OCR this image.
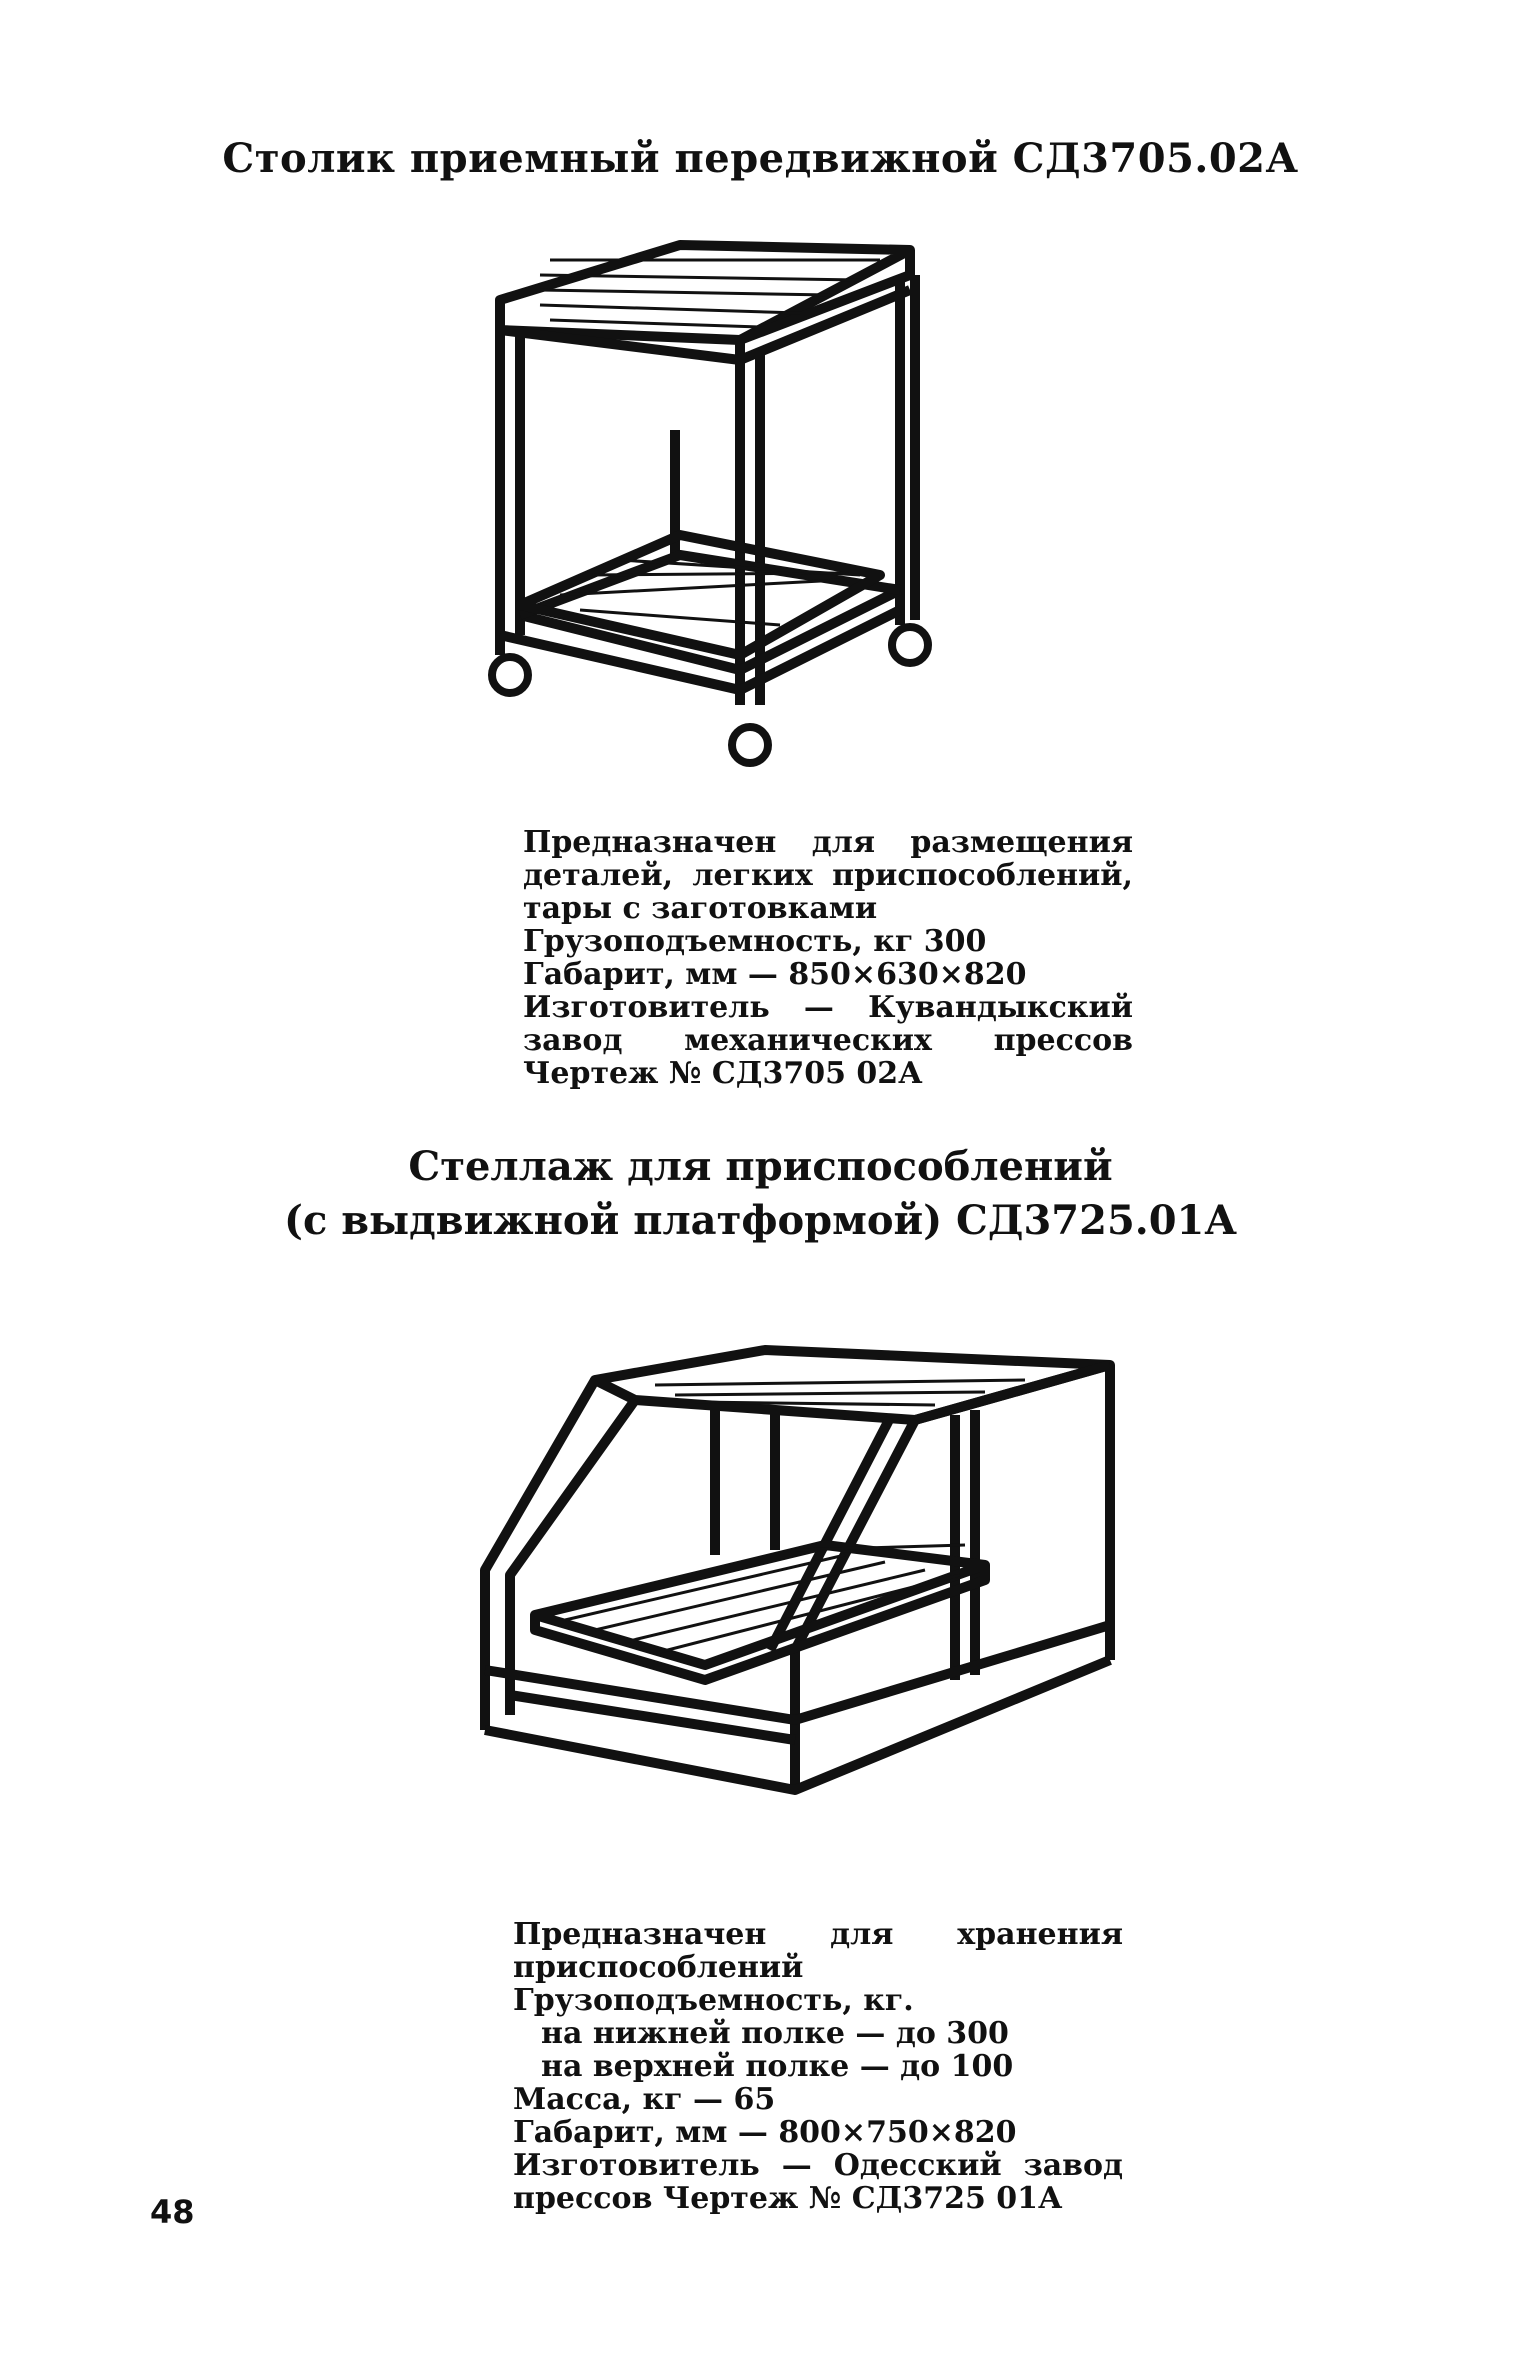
Столик приемный передвижной СД3705.02А

Предназначен для размещения деталей, легких приспособлений, тары с заготовками

Грузоподъемность, кг 300

Габарит, мм — 850×630×820

Изготовитель — Кувандыкский завод механических прессов Чертеж № СД3705 02А

Стеллаж для приспособлений
(с выдвижной платформой) СД3725.01А

Предназначен для хранения приспособлений

Грузоподъемность, кг.

на нижней полке — до 300

на верхней полке — до 100

Масса, кг — 65

Габарит, мм — 800×750×820

Изготовитель — Одесский завод прессов Чертеж № СД3725 01А

48
